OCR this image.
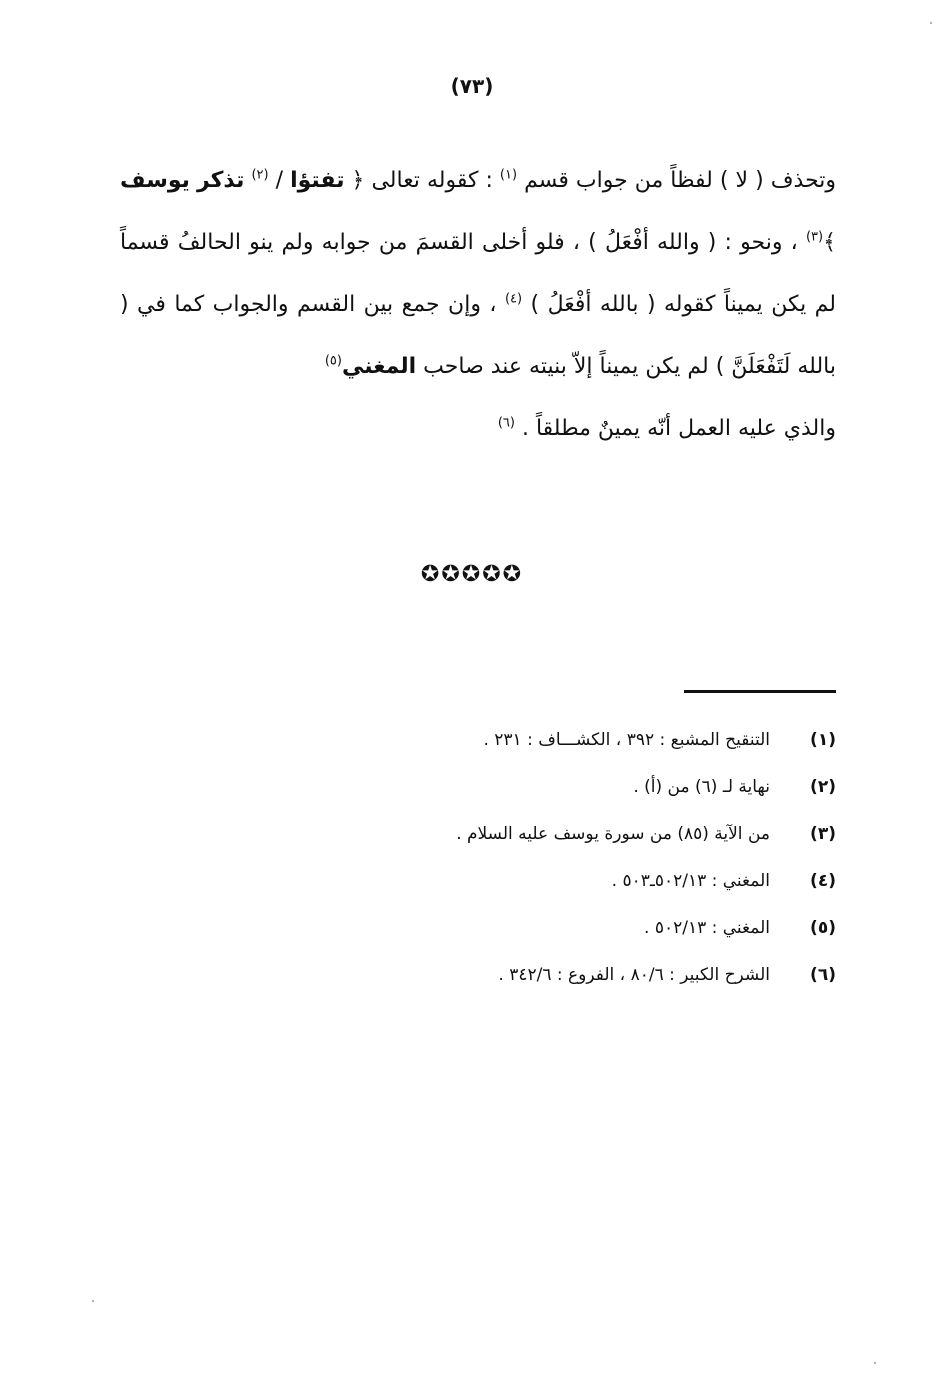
(٧٣)
وتحذف ( لا ) لفظاً من جواب قسم $^{(١)}$ : كقوله تعالى ﴿ تفتؤا / $^{(٢)}$ تذكر يوسف ﴾$^{(٣)}$ ، ونحو : ( والله أفْعَلُ ) ، فلو أخلى القسمَ من جوابه ولم ينو الحالفُ قسماً لم يكن يميناً كقوله ( بالله أفْعَلُ ) $^{(٤)}$ ، وإن جمع بين القسم والجواب كما في ( بالله لَتَفْعَلَنَّ ) لم يكن يميناً إلاّ بنيته عند صاحب المغني$^{(٥)}$
والذي عليه العمل أنّه يمينٌ مطلقاً . $^{(٦)}$
✪✪✪✪✪
(١)
التنقيح المشبع : ٣٩٢ ، الكشـــاف : ٢٣١ .
(٢)
نهاية لـ (٦) من (أ) .
(٣)
من الآية (٨٥) من سورة يوسف عليه السلام .
(٤)
المغني : ٥٠٢/١٣ـ٥٠٣ .
(٥)
المغني : ٥٠٢/١٣ .
(٦)
الشرح الكبير : ٨٠/٦ ، الفروع : ٣٤٢/٦ .
